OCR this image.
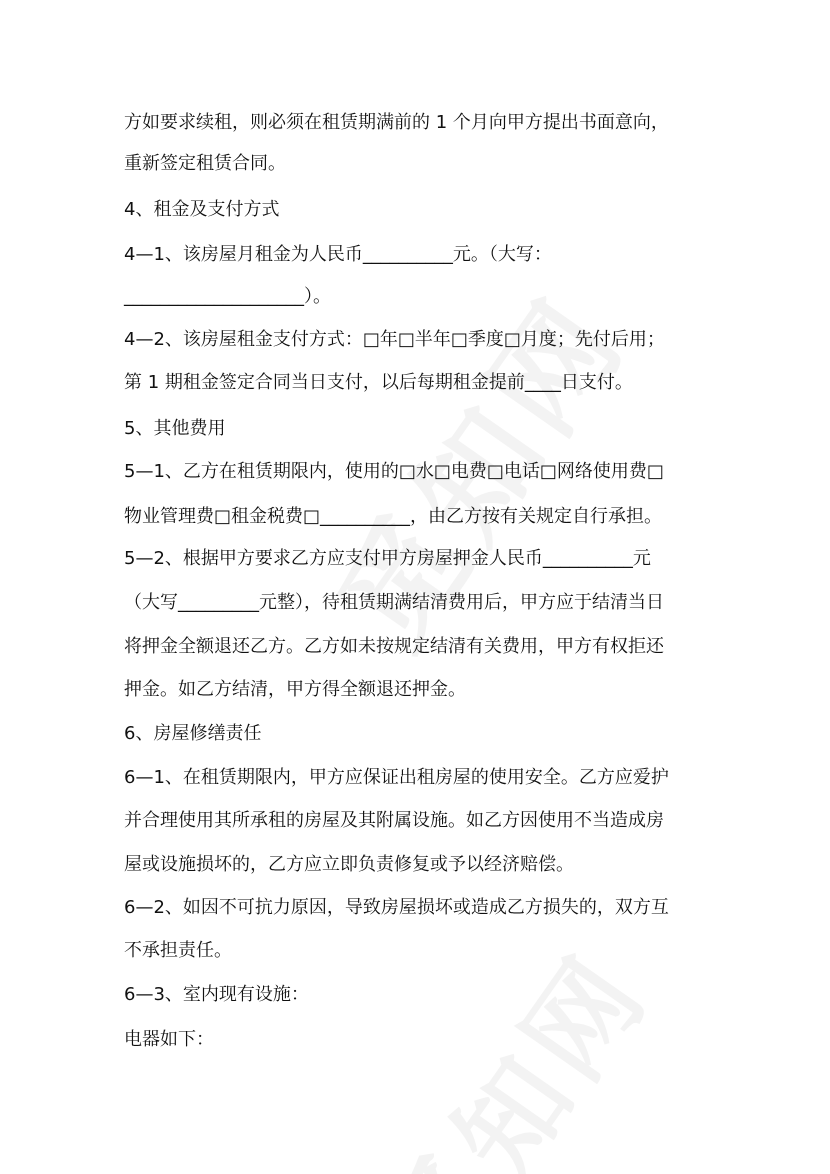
方如要求续租，则必须在租赁期满前的 1 个月向甲方提出书面意向，
重新签定租赁合同。
4、租金及支付方式
4—1、该房屋月租金为人民币__________元。（大写：
____________________）。
4—2、该房屋租金支付方式：□年□半年□季度□月度；先付后用；
第 1 期租金签定合同当日支付，以后每期租金提前____日支付。
5、其他费用
5—1、乙方在租赁期限内，使用的□水□电费□电话□网络使用费□
物业管理费□租金税费□__________，由乙方按有关规定自行承担。
5—2、根据甲方要求乙方应支付甲方房屋押金人民币__________元
（大写_________元整），待租赁期满结清费用后，甲方应于结清当日
将押金全额退还乙方。乙方如未按规定结清有关费用，甲方有权拒还
押金。如乙方结清，甲方得全额退还押金。
6、房屋修缮责任
6—1、在租赁期限内，甲方应保证出租房屋的使用安全。乙方应爱护
并合理使用其所承租的房屋及其附属设施。如乙方因使用不当造成房
屋或设施损坏的，乙方应立即负责修复或予以经济赔偿。
6—2、如因不可抗力原因，导致房屋损坏或造成乙方损失的，双方互
不承担责任。
6—3、室内现有设施：
电器如下：
